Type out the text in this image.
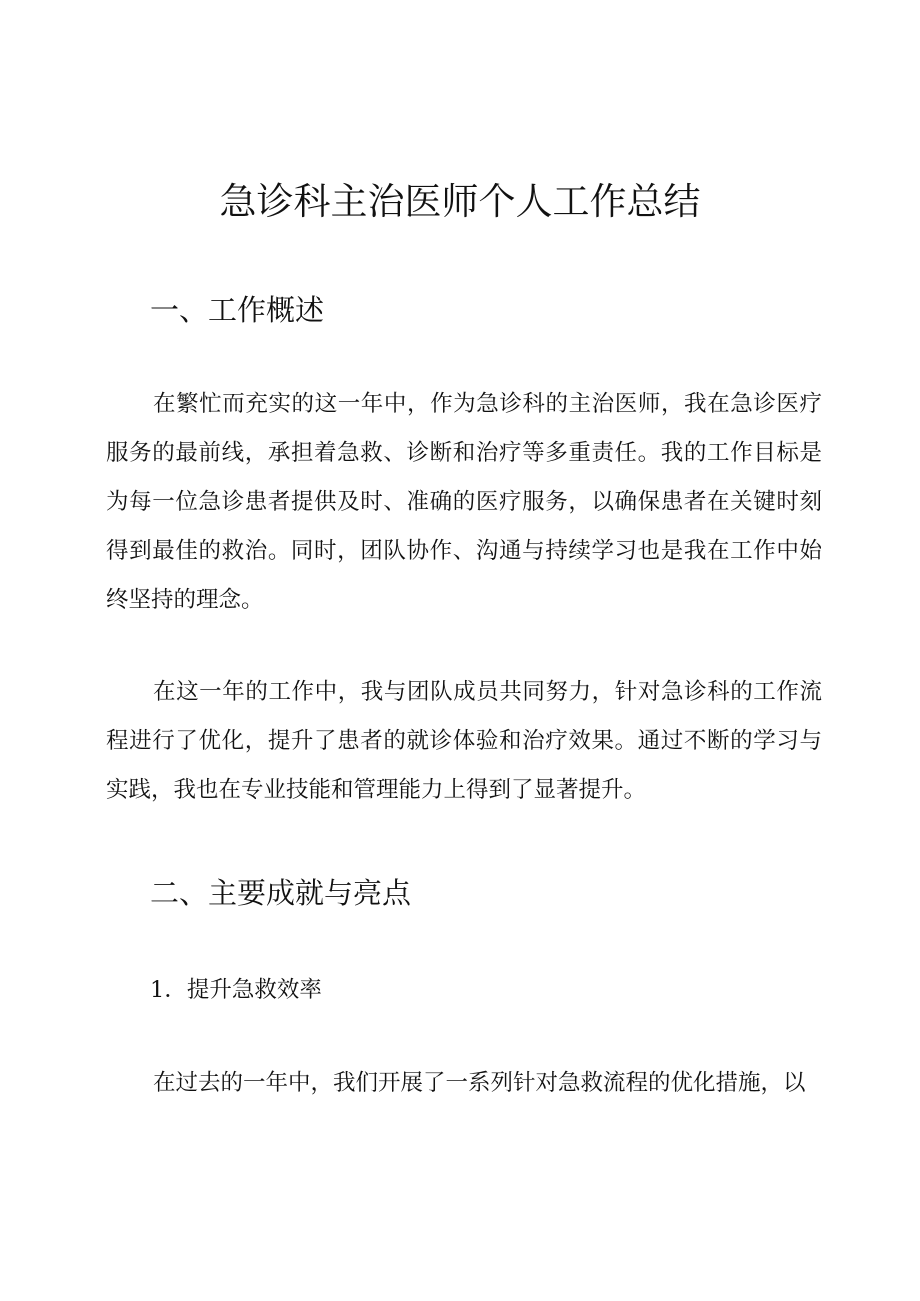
急诊科主治医师个人工作总结
一、工作概述

在繁忙而充实的这一年中，作为急诊科的主治医师，我在急诊医疗服务的最前线，承担着急救、诊断和治疗等多重责任。我的工作目标是为每一位急诊患者提供及时、准确的医疗服务，以确保患者在关键时刻得到最佳的救治。同时，团队协作、沟通与持续学习也是我在工作中始终坚持的理念。

在这一年的工作中，我与团队成员共同努力，针对急诊科的工作流程进行了优化，提升了患者的就诊体验和治疗效果。通过不断的学习与实践，我也在专业技能和管理能力上得到了显著提升。

二、主要成就与亮点

1．提升急救效率

在过去的一年中，我们开展了一系列针对急救流程的优化措施，以
